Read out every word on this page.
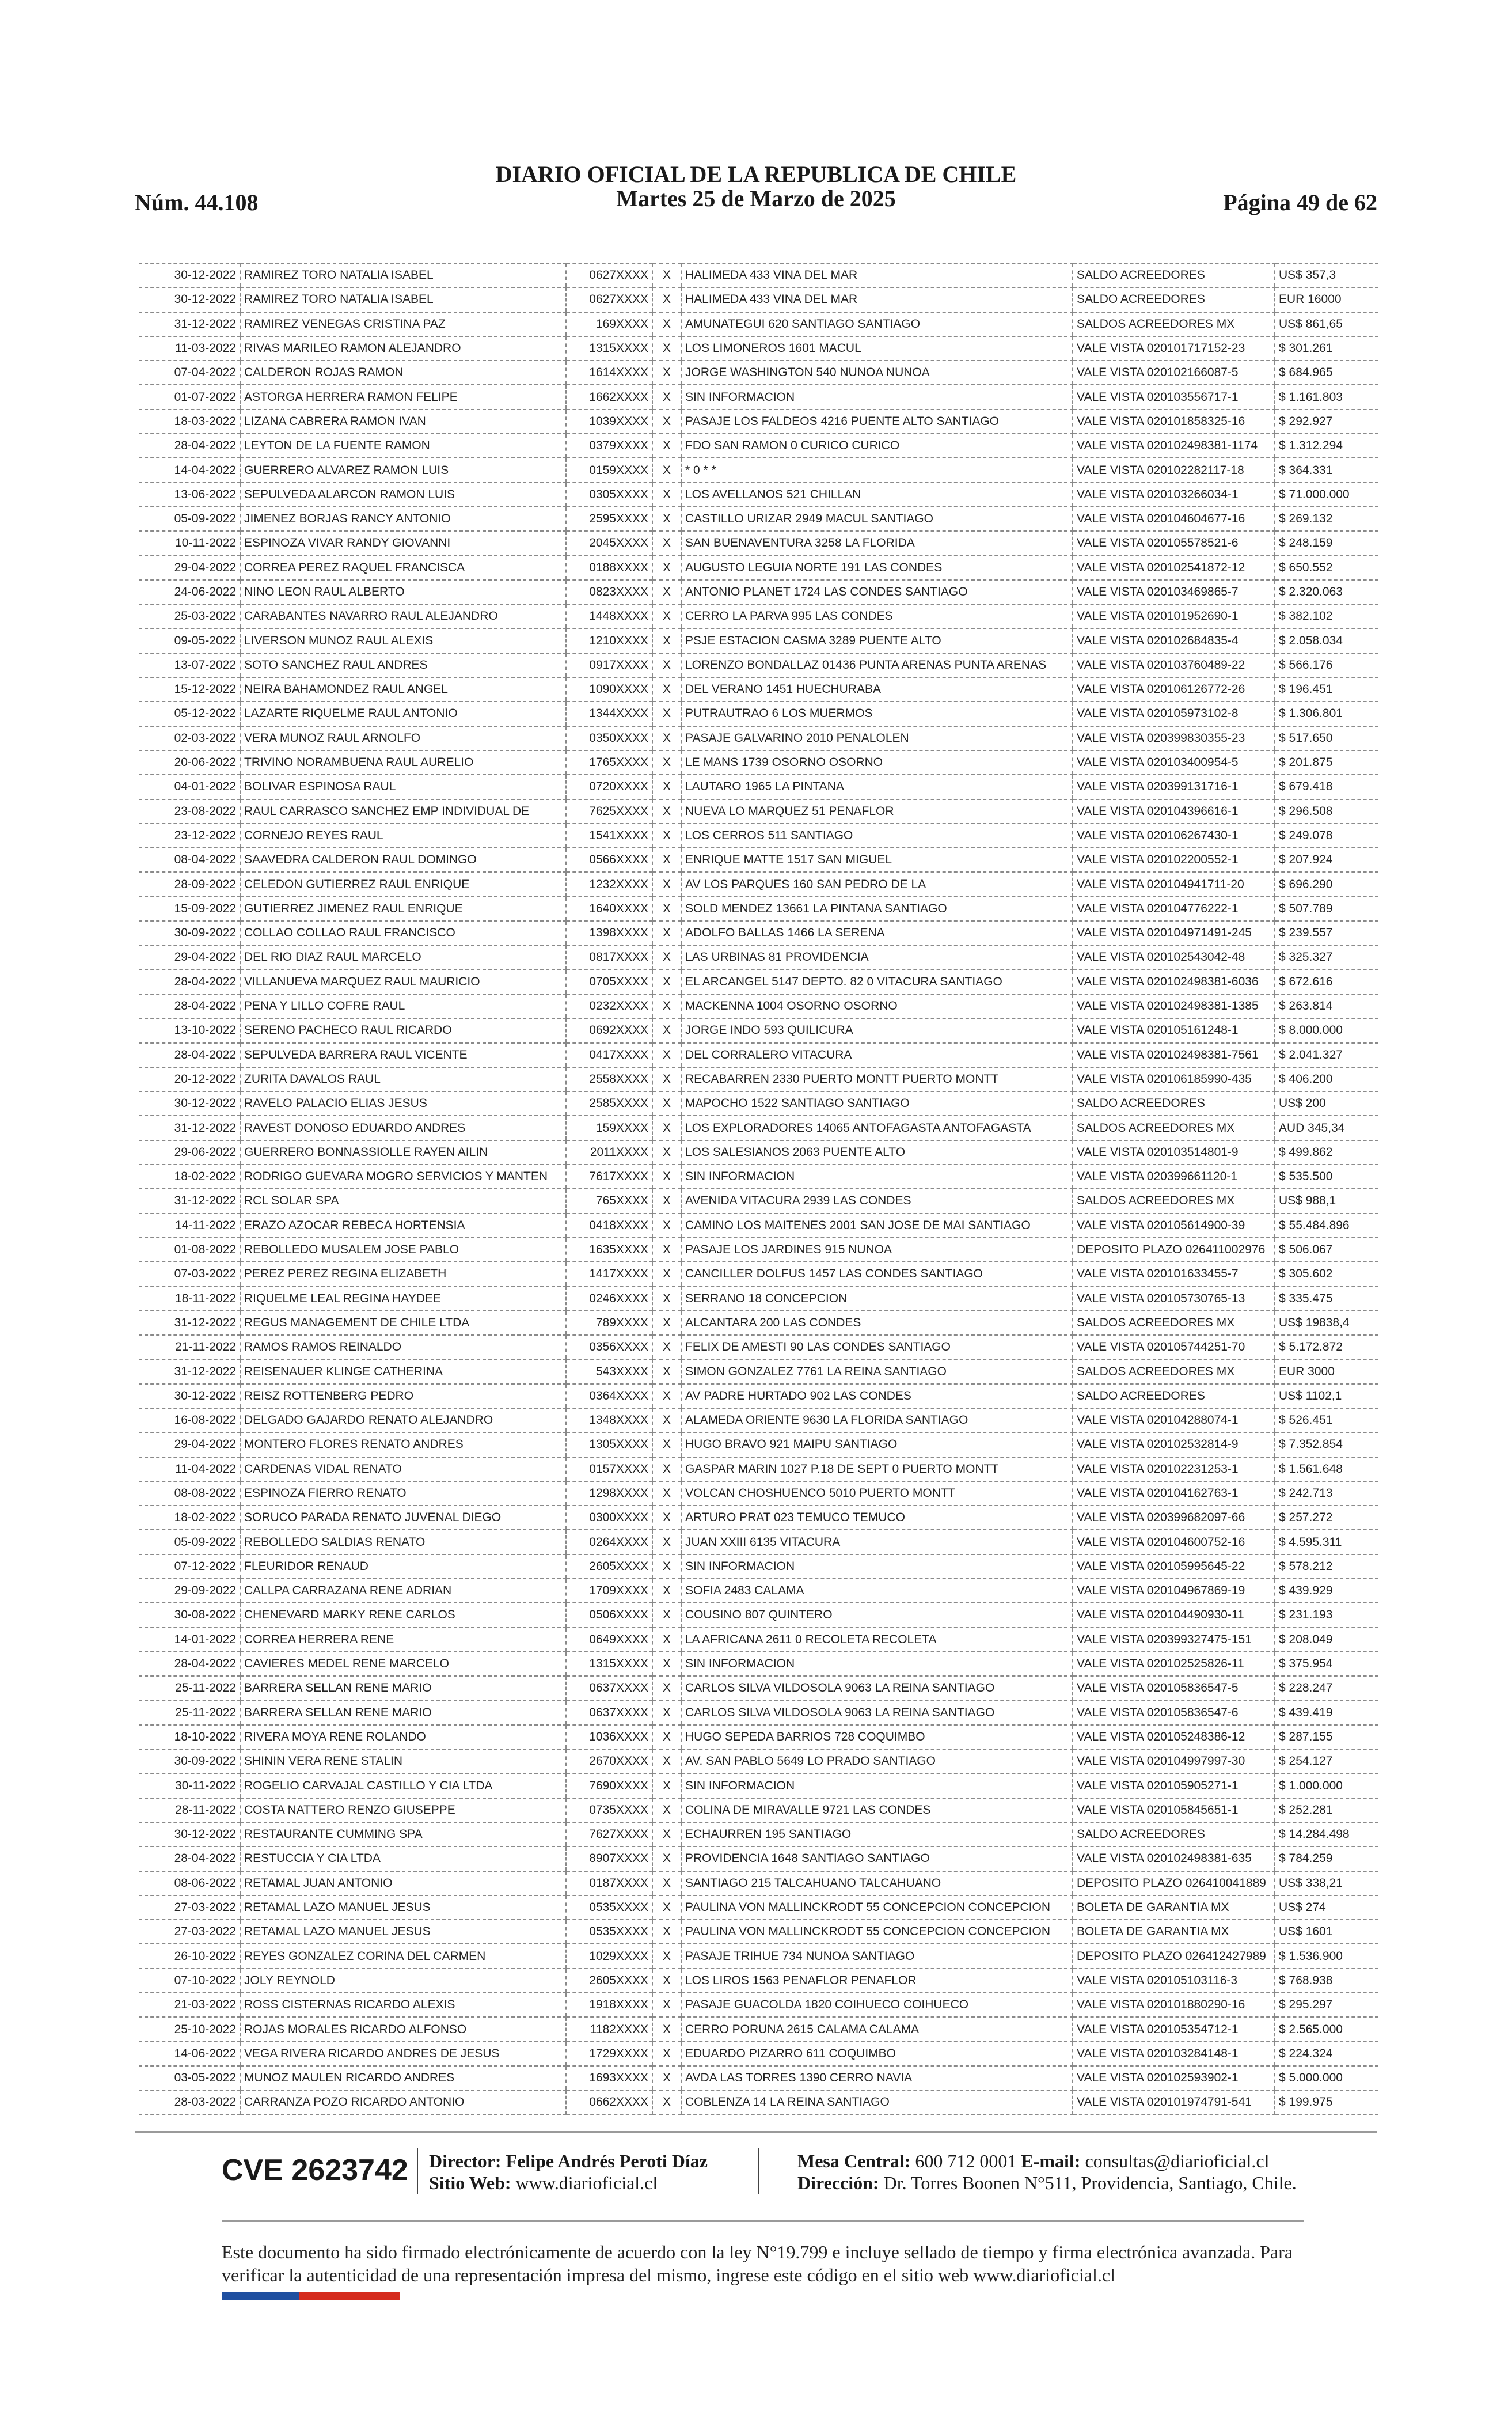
DIARIO OFICIAL DE LA REPUBLICA DE CHILE
Martes 25 de Marzo de 2025
Núm. 44.108	Página 49 de 62
30-12-2022	RAMIREZ TORO NATALIA ISABEL	0627XXXX	X	HALIMEDA 433 VINA DEL MAR	SALDO ACREEDORES	US$ 357,3
30-12-2022	RAMIREZ TORO NATALIA ISABEL	0627XXXX	X	HALIMEDA 433 VINA DEL MAR	SALDO ACREEDORES	EUR 16000
31-12-2022	RAMIREZ VENEGAS CRISTINA PAZ	169XXXX	X	AMUNATEGUI 620 SANTIAGO SANTIAGO	SALDOS ACREEDORES MX	US$ 861,65
11-03-2022	RIVAS MARILEO RAMON ALEJANDRO	1315XXXX	X	LOS LIMONEROS 1601 MACUL	VALE VISTA 020101717152-23	$ 301.261
07-04-2022	CALDERON ROJAS RAMON	1614XXXX	X	JORGE WASHINGTON 540 NUNOA NUNOA	VALE VISTA 020102166087-5	$ 684.965
01-07-2022	ASTORGA HERRERA RAMON FELIPE	1662XXXX	X	SIN INFORMACION	VALE VISTA 020103556717-1	$ 1.161.803
18-03-2022	LIZANA CABRERA RAMON IVAN	1039XXXX	X	PASAJE LOS FALDEOS 4216 PUENTE ALTO SANTIAGO	VALE VISTA 020101858325-16	$ 292.927
28-04-2022	LEYTON DE LA FUENTE RAMON	0379XXXX	X	FDO SAN RAMON 0 CURICO CURICO	VALE VISTA 020102498381-1174	$ 1.312.294
14-04-2022	GUERRERO ALVAREZ RAMON LUIS	0159XXXX	X	* 0 * *	VALE VISTA 020102282117-18	$ 364.331
13-06-2022	SEPULVEDA ALARCON RAMON LUIS	0305XXXX	X	LOS AVELLANOS 521 CHILLAN	VALE VISTA 020103266034-1	$ 71.000.000
05-09-2022	JIMENEZ BORJAS RANCY ANTONIO	2595XXXX	X	CASTILLO URIZAR 2949 MACUL SANTIAGO	VALE VISTA 020104604677-16	$ 269.132
10-11-2022	ESPINOZA VIVAR RANDY GIOVANNI	2045XXXX	X	SAN BUENAVENTURA 3258 LA FLORIDA	VALE VISTA 020105578521-6	$ 248.159
29-04-2022	CORREA PEREZ RAQUEL FRANCISCA	0188XXXX	X	AUGUSTO LEGUIA NORTE 191 LAS CONDES	VALE VISTA 020102541872-12	$ 650.552
24-06-2022	NINO LEON RAUL ALBERTO	0823XXXX	X	ANTONIO PLANET 1724 LAS CONDES SANTIAGO	VALE VISTA 020103469865-7	$ 2.320.063
25-03-2022	CARABANTES NAVARRO RAUL ALEJANDRO	1448XXXX	X	CERRO LA PARVA 995 LAS CONDES	VALE VISTA 020101952690-1	$ 382.102
09-05-2022	LIVERSON MUNOZ RAUL ALEXIS	1210XXXX	X	PSJE ESTACION CASMA 3289 PUENTE ALTO	VALE VISTA 020102684835-4	$ 2.058.034
13-07-2022	SOTO SANCHEZ RAUL ANDRES	0917XXXX	X	LORENZO BONDALLAZ 01436 PUNTA ARENAS PUNTA ARENAS	VALE VISTA 020103760489-22	$ 566.176
15-12-2022	NEIRA BAHAMONDEZ RAUL ANGEL	1090XXXX	X	DEL VERANO 1451 HUECHURABA	VALE VISTA 020106126772-26	$ 196.451
05-12-2022	LAZARTE RIQUELME RAUL ANTONIO	1344XXXX	X	PUTRAUTRAO 6 LOS MUERMOS	VALE VISTA 020105973102-8	$ 1.306.801
02-03-2022	VERA MUNOZ RAUL ARNOLFO	0350XXXX	X	PASAJE GALVARINO 2010 PENALOLEN	VALE VISTA 020399830355-23	$ 517.650
20-06-2022	TRIVINO NORAMBUENA RAUL AURELIO	1765XXXX	X	LE MANS 1739 OSORNO OSORNO	VALE VISTA 020103400954-5	$ 201.875
04-01-2022	BOLIVAR ESPINOSA RAUL	0720XXXX	X	LAUTARO 1965 LA PINTANA	VALE VISTA 020399131716-1	$ 679.418
23-08-2022	RAUL CARRASCO SANCHEZ EMP INDIVIDUAL DE	7625XXXX	X	NUEVA LO MARQUEZ 51 PENAFLOR	VALE VISTA 020104396616-1	$ 296.508
23-12-2022	CORNEJO REYES RAUL	1541XXXX	X	LOS CERROS 511 SANTIAGO	VALE VISTA 020106267430-1	$ 249.078
08-04-2022	SAAVEDRA CALDERON RAUL DOMINGO	0566XXXX	X	ENRIQUE MATTE 1517 SAN MIGUEL	VALE VISTA 020102200552-1	$ 207.924
28-09-2022	CELEDON GUTIERREZ RAUL ENRIQUE	1232XXXX	X	AV LOS PARQUES 160 SAN PEDRO DE LA	VALE VISTA 020104941711-20	$ 696.290
15-09-2022	GUTIERREZ JIMENEZ RAUL ENRIQUE	1640XXXX	X	SOLD MENDEZ 13661 LA PINTANA SANTIAGO	VALE VISTA 020104776222-1	$ 507.789
30-09-2022	COLLAO COLLAO RAUL FRANCISCO	1398XXXX	X	ADOLFO BALLAS 1466 LA SERENA	VALE VISTA 020104971491-245	$ 239.557
29-04-2022	DEL RIO DIAZ RAUL MARCELO	0817XXXX	X	LAS URBINAS 81 PROVIDENCIA	VALE VISTA 020102543042-48	$ 325.327
28-04-2022	VILLANUEVA MARQUEZ RAUL MAURICIO	0705XXXX	X	EL ARCANGEL 5147 DEPTO. 82 0 VITACURA SANTIAGO	VALE VISTA 020102498381-6036	$ 672.616
28-04-2022	PENA Y LILLO COFRE RAUL	0232XXXX	X	MACKENNA 1004 OSORNO OSORNO	VALE VISTA 020102498381-1385	$ 263.814
13-10-2022	SERENO PACHECO RAUL RICARDO	0692XXXX	X	JORGE INDO 593 QUILICURA	VALE VISTA 020105161248-1	$ 8.000.000
28-04-2022	SEPULVEDA BARRERA RAUL VICENTE	0417XXXX	X	DEL CORRALERO VITACURA	VALE VISTA 020102498381-7561	$ 2.041.327
20-12-2022	ZURITA DAVALOS RAUL	2558XXXX	X	RECABARREN 2330 PUERTO MONTT PUERTO MONTT	VALE VISTA 020106185990-435	$ 406.200
30-12-2022	RAVELO PALACIO ELIAS JESUS	2585XXXX	X	MAPOCHO 1522 SANTIAGO SANTIAGO	SALDO ACREEDORES	US$ 200
31-12-2022	RAVEST DONOSO EDUARDO ANDRES	159XXXX	X	LOS EXPLORADORES 14065 ANTOFAGASTA ANTOFAGASTA	SALDOS ACREEDORES MX	AUD 345,34
29-06-2022	GUERRERO BONNASSIOLLE RAYEN AILIN	2011XXXX	X	LOS SALESIANOS 2063 PUENTE ALTO	VALE VISTA 020103514801-9	$ 499.862
18-02-2022	RODRIGO GUEVARA MOGRO SERVICIOS Y MANTEN	7617XXXX	X	SIN INFORMACION	VALE VISTA 020399661120-1	$ 535.500
31-12-2022	RCL SOLAR SPA	765XXXX	X	AVENIDA VITACURA 2939 LAS CONDES	SALDOS ACREEDORES MX	US$ 988,1
14-11-2022	ERAZO AZOCAR REBECA HORTENSIA	0418XXXX	X	CAMINO LOS MAITENES 2001 SAN JOSE DE MAI SANTIAGO	VALE VISTA 020105614900-39	$ 55.484.896
01-08-2022	REBOLLEDO MUSALEM JOSE PABLO	1635XXXX	X	PASAJE LOS JARDINES 915 NUNOA	DEPOSITO PLAZO 026411002976	$ 506.067
07-03-2022	PEREZ PEREZ REGINA ELIZABETH	1417XXXX	X	CANCILLER DOLFUS 1457 LAS CONDES SANTIAGO	VALE VISTA 020101633455-7	$ 305.602
18-11-2022	RIQUELME LEAL REGINA HAYDEE	0246XXXX	X	SERRANO 18 CONCEPCION	VALE VISTA 020105730765-13	$ 335.475
31-12-2022	REGUS MANAGEMENT DE CHILE LTDA	789XXXX	X	ALCANTARA 200 LAS CONDES	SALDOS ACREEDORES MX	US$ 19838,4
21-11-2022	RAMOS RAMOS REINALDO	0356XXXX	X	FELIX DE AMESTI 90 LAS CONDES SANTIAGO	VALE VISTA 020105744251-70	$ 5.172.872
31-12-2022	REISENAUER KLINGE CATHERINA	543XXXX	X	SIMON GONZALEZ 7761 LA REINA SANTIAGO	SALDOS ACREEDORES MX	EUR 3000
30-12-2022	REISZ ROTTENBERG PEDRO	0364XXXX	X	AV PADRE HURTADO 902 LAS CONDES	SALDO ACREEDORES	US$ 1102,1
16-08-2022	DELGADO GAJARDO RENATO ALEJANDRO	1348XXXX	X	ALAMEDA ORIENTE 9630 LA FLORIDA SANTIAGO	VALE VISTA 020104288074-1	$ 526.451
29-04-2022	MONTERO FLORES RENATO ANDRES	1305XXXX	X	HUGO BRAVO 921 MAIPU SANTIAGO	VALE VISTA 020102532814-9	$ 7.352.854
11-04-2022	CARDENAS VIDAL RENATO	0157XXXX	X	GASPAR MARIN 1027 P.18 DE SEPT 0 PUERTO MONTT	VALE VISTA 020102231253-1	$ 1.561.648
08-08-2022	ESPINOZA FIERRO RENATO	1298XXXX	X	VOLCAN CHOSHUENCO 5010 PUERTO MONTT	VALE VISTA 020104162763-1	$ 242.713
18-02-2022	SORUCO PARADA RENATO JUVENAL DIEGO	0300XXXX	X	ARTURO PRAT 023 TEMUCO TEMUCO	VALE VISTA 020399682097-66	$ 257.272
05-09-2022	REBOLLEDO SALDIAS RENATO	0264XXXX	X	JUAN XXIII 6135 VITACURA	VALE VISTA 020104600752-16	$ 4.595.311
07-12-2022	FLEURIDOR RENAUD	2605XXXX	X	SIN INFORMACION	VALE VISTA 020105995645-22	$ 578.212
29-09-2022	CALLPA CARRAZANA RENE ADRIAN	1709XXXX	X	SOFIA 2483 CALAMA	VALE VISTA 020104967869-19	$ 439.929
30-08-2022	CHENEVARD MARKY RENE CARLOS	0506XXXX	X	COUSINO 807 QUINTERO	VALE VISTA 020104490930-11	$ 231.193
14-01-2022	CORREA HERRERA RENE	0649XXXX	X	LA AFRICANA 2611 0 RECOLETA RECOLETA	VALE VISTA 020399327475-151	$ 208.049
28-04-2022	CAVIERES MEDEL RENE MARCELO	1315XXXX	X	SIN INFORMACION	VALE VISTA 020102525826-11	$ 375.954
25-11-2022	BARRERA SELLAN RENE MARIO	0637XXXX	X	CARLOS SILVA VILDOSOLA 9063 LA REINA SANTIAGO	VALE VISTA 020105836547-5	$ 228.247
25-11-2022	BARRERA SELLAN RENE MARIO	0637XXXX	X	CARLOS SILVA VILDOSOLA 9063 LA REINA SANTIAGO	VALE VISTA 020105836547-6	$ 439.419
18-10-2022	RIVERA MOYA RENE ROLANDO	1036XXXX	X	HUGO SEPEDA BARRIOS 728 COQUIMBO	VALE VISTA 020105248386-12	$ 287.155
30-09-2022	SHININ VERA RENE STALIN	2670XXXX	X	AV. SAN PABLO 5649 LO PRADO SANTIAGO	VALE VISTA 020104997997-30	$ 254.127
30-11-2022	ROGELIO CARVAJAL CASTILLO Y CIA LTDA	7690XXXX	X	SIN INFORMACION	VALE VISTA 020105905271-1	$ 1.000.000
28-11-2022	COSTA NATTERO RENZO GIUSEPPE	0735XXXX	X	COLINA DE MIRAVALLE 9721 LAS CONDES	VALE VISTA 020105845651-1	$ 252.281
30-12-2022	RESTAURANTE CUMMING SPA	7627XXXX	X	ECHAURREN 195 SANTIAGO	SALDO ACREEDORES	$ 14.284.498
28-04-2022	RESTUCCIA Y CIA LTDA	8907XXXX	X	PROVIDENCIA 1648 SANTIAGO SANTIAGO	VALE VISTA 020102498381-635	$ 784.259
08-06-2022	RETAMAL JUAN ANTONIO	0187XXXX	X	SANTIAGO 215 TALCAHUANO TALCAHUANO	DEPOSITO PLAZO 026410041889	US$ 338,21
27-03-2022	RETAMAL LAZO MANUEL JESUS	0535XXXX	X	PAULINA VON MALLINCKRODT 55 CONCEPCION CONCEPCION	BOLETA DE GARANTIA MX	US$ 274
27-03-2022	RETAMAL LAZO MANUEL JESUS	0535XXXX	X	PAULINA VON MALLINCKRODT 55 CONCEPCION CONCEPCION	BOLETA DE GARANTIA MX	US$ 1601
26-10-2022	REYES GONZALEZ CORINA DEL CARMEN	1029XXXX	X	PASAJE TRIHUE 734 NUNOA SANTIAGO	DEPOSITO PLAZO 026412427989	$ 1.536.900
07-10-2022	JOLY REYNOLD	2605XXXX	X	LOS LIROS 1563 PENAFLOR PENAFLOR	VALE VISTA 020105103116-3	$ 768.938
21-03-2022	ROSS CISTERNAS RICARDO ALEXIS	1918XXXX	X	PASAJE GUACOLDA 1820 COIHUECO COIHUECO	VALE VISTA 020101880290-16	$ 295.297
25-10-2022	ROJAS MORALES RICARDO ALFONSO	1182XXXX	X	CERRO PORUNA 2615 CALAMA CALAMA	VALE VISTA 020105354712-1	$ 2.565.000
14-06-2022	VEGA RIVERA RICARDO ANDRES DE JESUS	1729XXXX	X	EDUARDO PIZARRO 611 COQUIMBO	VALE VISTA 020103284148-1	$ 224.324
03-05-2022	MUNOZ MAULEN RICARDO ANDRES	1693XXXX	X	AVDA LAS TORRES 1390 CERRO NAVIA	VALE VISTA 020102593902-1	$ 5.000.000
28-03-2022	CARRANZA POZO RICARDO ANTONIO	0662XXXX	X	COBLENZA 14 LA REINA SANTIAGO	VALE VISTA 020101974791-541	$ 199.975
CVE 2623742 Director: Felipe Andrés Peroti Díaz
Sitio Web: www.diarioficial.cl
Mesa Central: 600 712 0001 E-mail: consultas@diarioficial.cl
Dirección: Dr. Torres Boonen N°511, Providencia, Santiago, Chile.
Este documento ha sido firmado electrónicamente de acuerdo con la ley N°19.799 e incluye sellado de tiempo y firma electrónica avanzada. Para verificar la autenticidad de una representación impresa del mismo, ingrese este código en el sitio web www.diarioficial.cl
